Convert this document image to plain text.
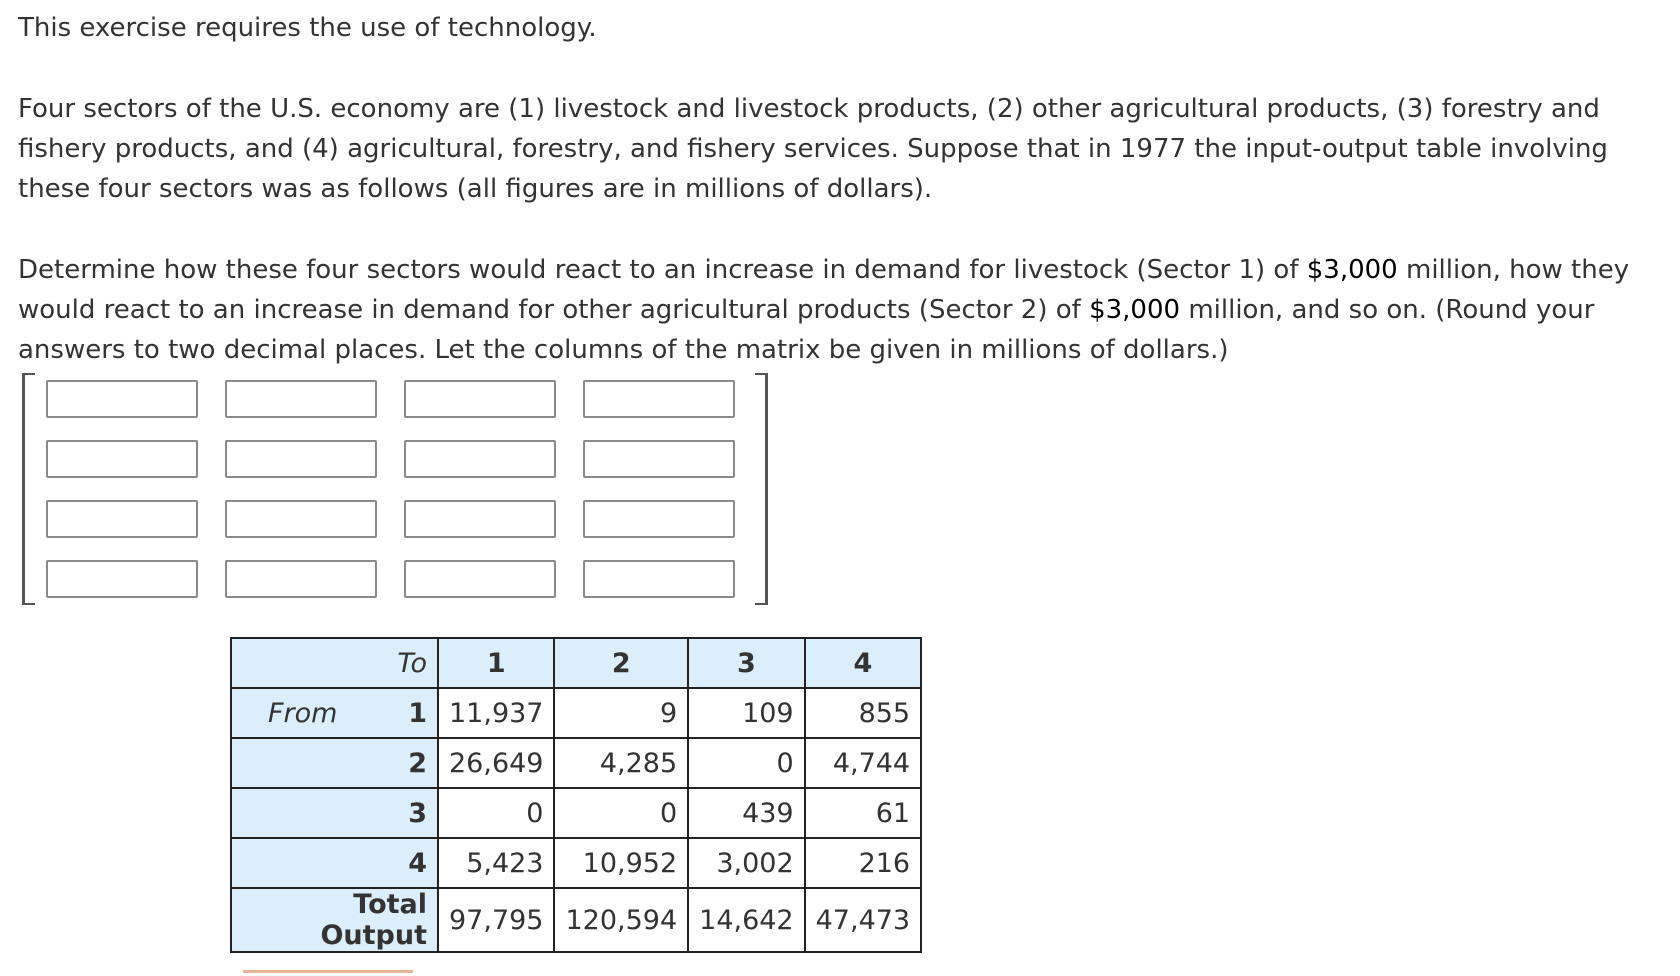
This exercise requires the use of technology.

Four sectors of the U.S. economy are (1) livestock and livestock products, (2) other agricultural products, (3) forestry and fishery products, and (4) agricultural, forestry, and fishery services. Suppose that in 1977 the input-output table involving these four sectors was as follows (all figures are in millions of dollars).

Determine how these four sectors would react to an increase in demand for livestock (Sector 1) of $3,000 million, how they would react to an increase in demand for other agricultural products (Sector 2) of $3,000 million, and so on. (Round your answers to two decimal places. Let the columns of the matrix be given in millions of dollars.)

To	1	2	3	4

From 1	11,937	9	109	855
2	26,649	4,285	0	4,744
3	0	0	439	61
4	5,423	10,952	3,002	216
Total Output	97,795	120,594	14,642	47,473
